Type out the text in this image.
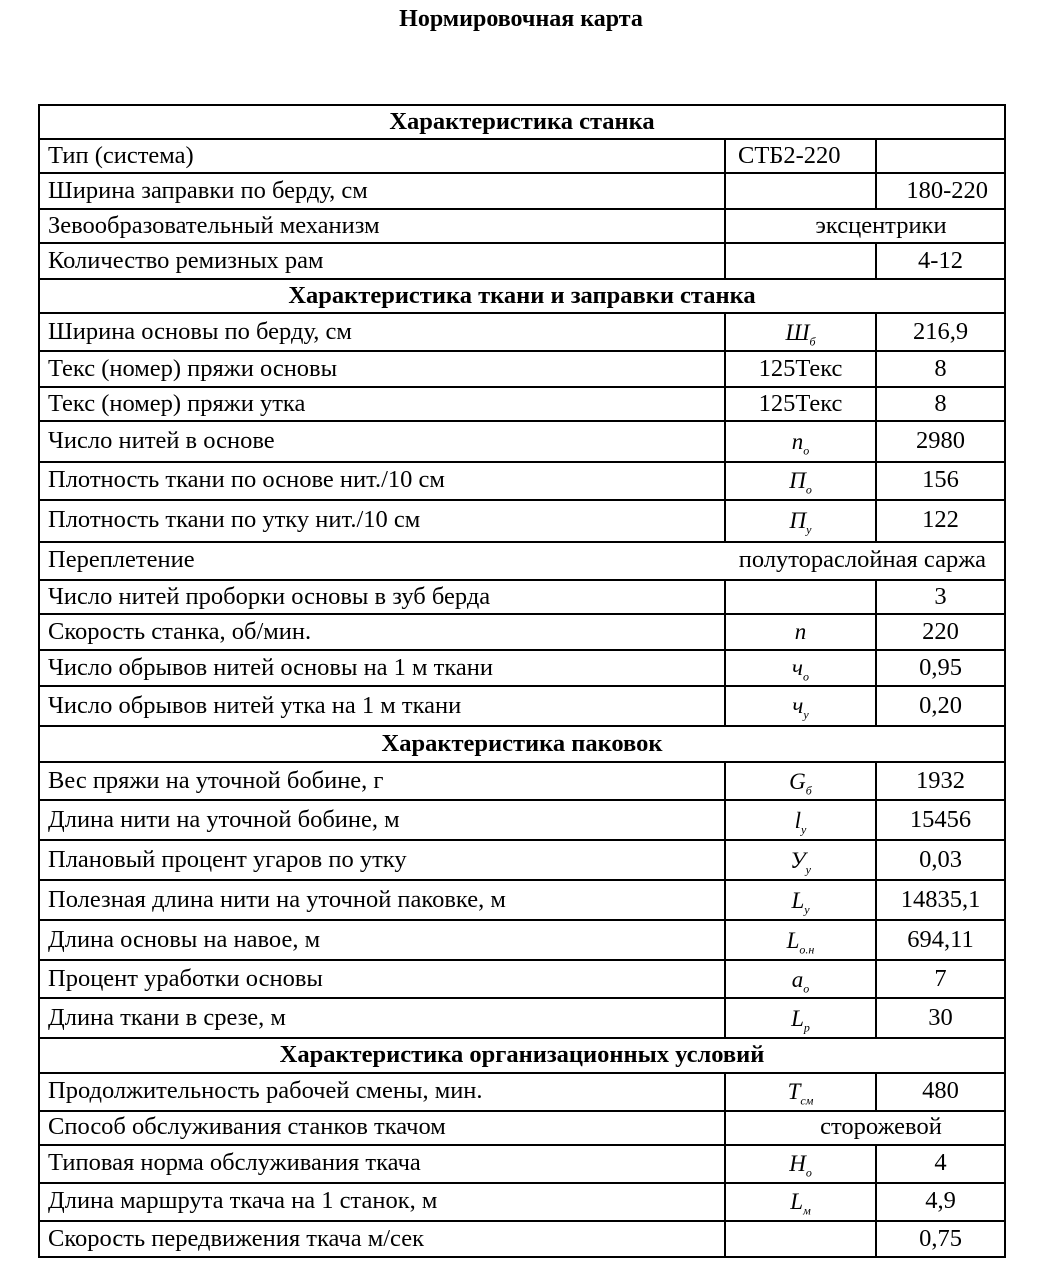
Нормировочная карта
Характеристика станка		
Тип (система)	СТБ2-220	
Ширина заправки по берду, см		180-220
Зевообразовательный механизм	эксцентрики	
Количество ремизных рам		4-12
Характеристика ткани и заправки станка		
Ширина основы по берду, см	$Ш_б$	216,9
Текс (номер) пряжи основы	125Текс	8
Текс (номер) пряжи утка	125Текс	8
Число нитей в основе	$n_o$	2980
Плотность ткани по основе нит./10 см	$П_o$	156
Плотность ткани по утку нит./10 см	$П_y$	122
Переплетение	полутораслойная саржа	
Число нитей проборки основы в зуб берда		3
Скорость станка, об/мин.	n	220
Число обрывов нитей основы на 1 м ткани	$ч_o$	0,95
Число обрывов нитей утка на 1 м ткани	$ч_y$	0,20
Характеристика паковок		
Вес пряжи на уточной бобине, г	$G_б$	1932
Длина нити на уточной бобине, м	$l_y$	15456
Плановый процент угаров по утку	$У_y$	0,03
Полезная длина нити на уточной паковке, м	$L_y$	14835,1
Длина основы на навое, м	$L_{o.н}$	694,11
Процент уработки основы	$a_o$	7
Длина ткани в срезе, м	$L_p$	30
Характеристика организационных условий		
Продолжительность рабочей смены, мин.	$T_{см}$	480
Способ обслуживания станков ткачом	сторожевой	
Типовая норма обслуживания ткача	$Н_o$	4
Длина маршрута ткача на 1 станок, м	$L_м$	4,9
Скорость передвижения ткача м/сек		0,75
